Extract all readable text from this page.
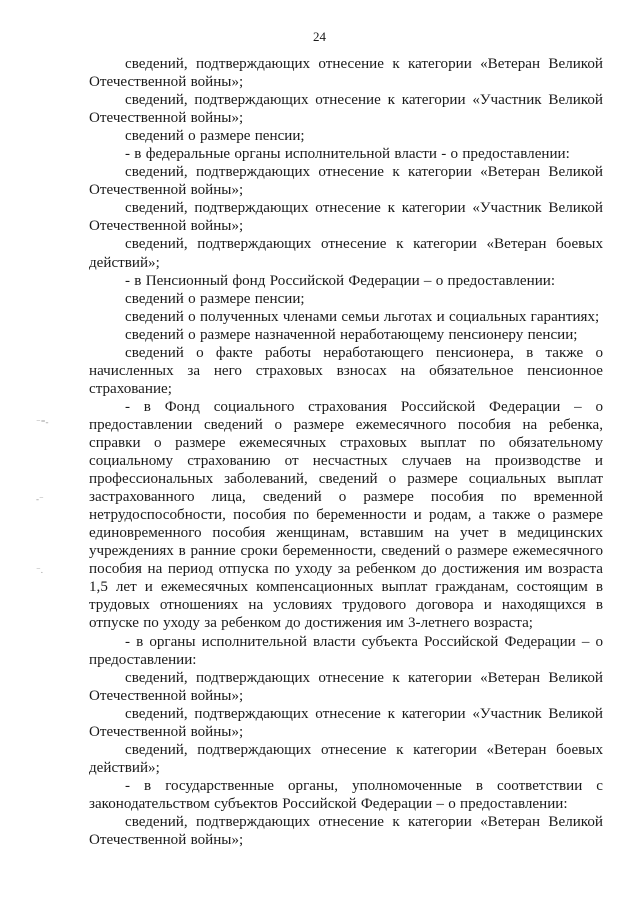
24
⁻⁼‐
‐⁻
⁻.

сведений, подтверждающих отнесение к категории «Ветеран Великой Отечественной войны»;

сведений, подтверждающих отнесение к категории «Участник Великой Отечественной войны»;

сведений о размере пенсии;

- в федеральные органы исполнительной власти - о предоставлении:

сведений, подтверждающих отнесение к категории «Ветеран Великой Отечественной войны»;

сведений, подтверждающих отнесение к категории «Участник Великой Отечественной войны»;

сведений, подтверждающих отнесение к категории «Ветеран боевых действий»;

- в Пенсионный фонд Российской Федерации – о предоставлении:

сведений о размере пенсии;

сведений о полученных членами семьи льготах и социальных гарантиях;

сведений о размере назначенной неработающему пенсионеру пенсии;

сведений о факте работы неработающего пенсионера, в также о начисленных за него страховых взносах на обязательное пенсионное страхование;

- в Фонд социального страхования Российской Федерации – о предоставлении сведений о размере ежемесячного пособия на ребенка, справки о размере ежемесячных страховых выплат по обязательному социальному страхованию от несчастных случаев на производстве и профессиональных заболеваний, сведений о размере социальных выплат застрахованного лица, сведений о размере пособия по временной нетрудоспособности, пособия по беременности и родам, а также о размере единовременного пособия женщинам, вставшим на учет в медицинских учреждениях в ранние сроки беременности, сведений о размере ежемесячного пособия на период отпуска по уходу за ребенком до достижения им возраста 1,5 лет и ежемесячных компенсационных выплат гражданам, состоящим в трудовых отношениях на условиях трудового договора и находящихся в отпуске по уходу за ребенком до достижения им 3-летнего возраста;

- в органы исполнительной власти субъекта Российской Федерации – о предоставлении:

сведений, подтверждающих отнесение к категории «Ветеран Великой Отечественной войны»;

сведений, подтверждающих отнесение к категории «Участник Великой Отечественной войны»;

сведений, подтверждающих отнесение к категории «Ветеран боевых действий»;

- в государственные органы, уполномоченные в соответствии с законодательством субъектов Российской Федерации – о предоставлении:

сведений, подтверждающих отнесение к категории «Ветеран Великой Отечественной войны»;
